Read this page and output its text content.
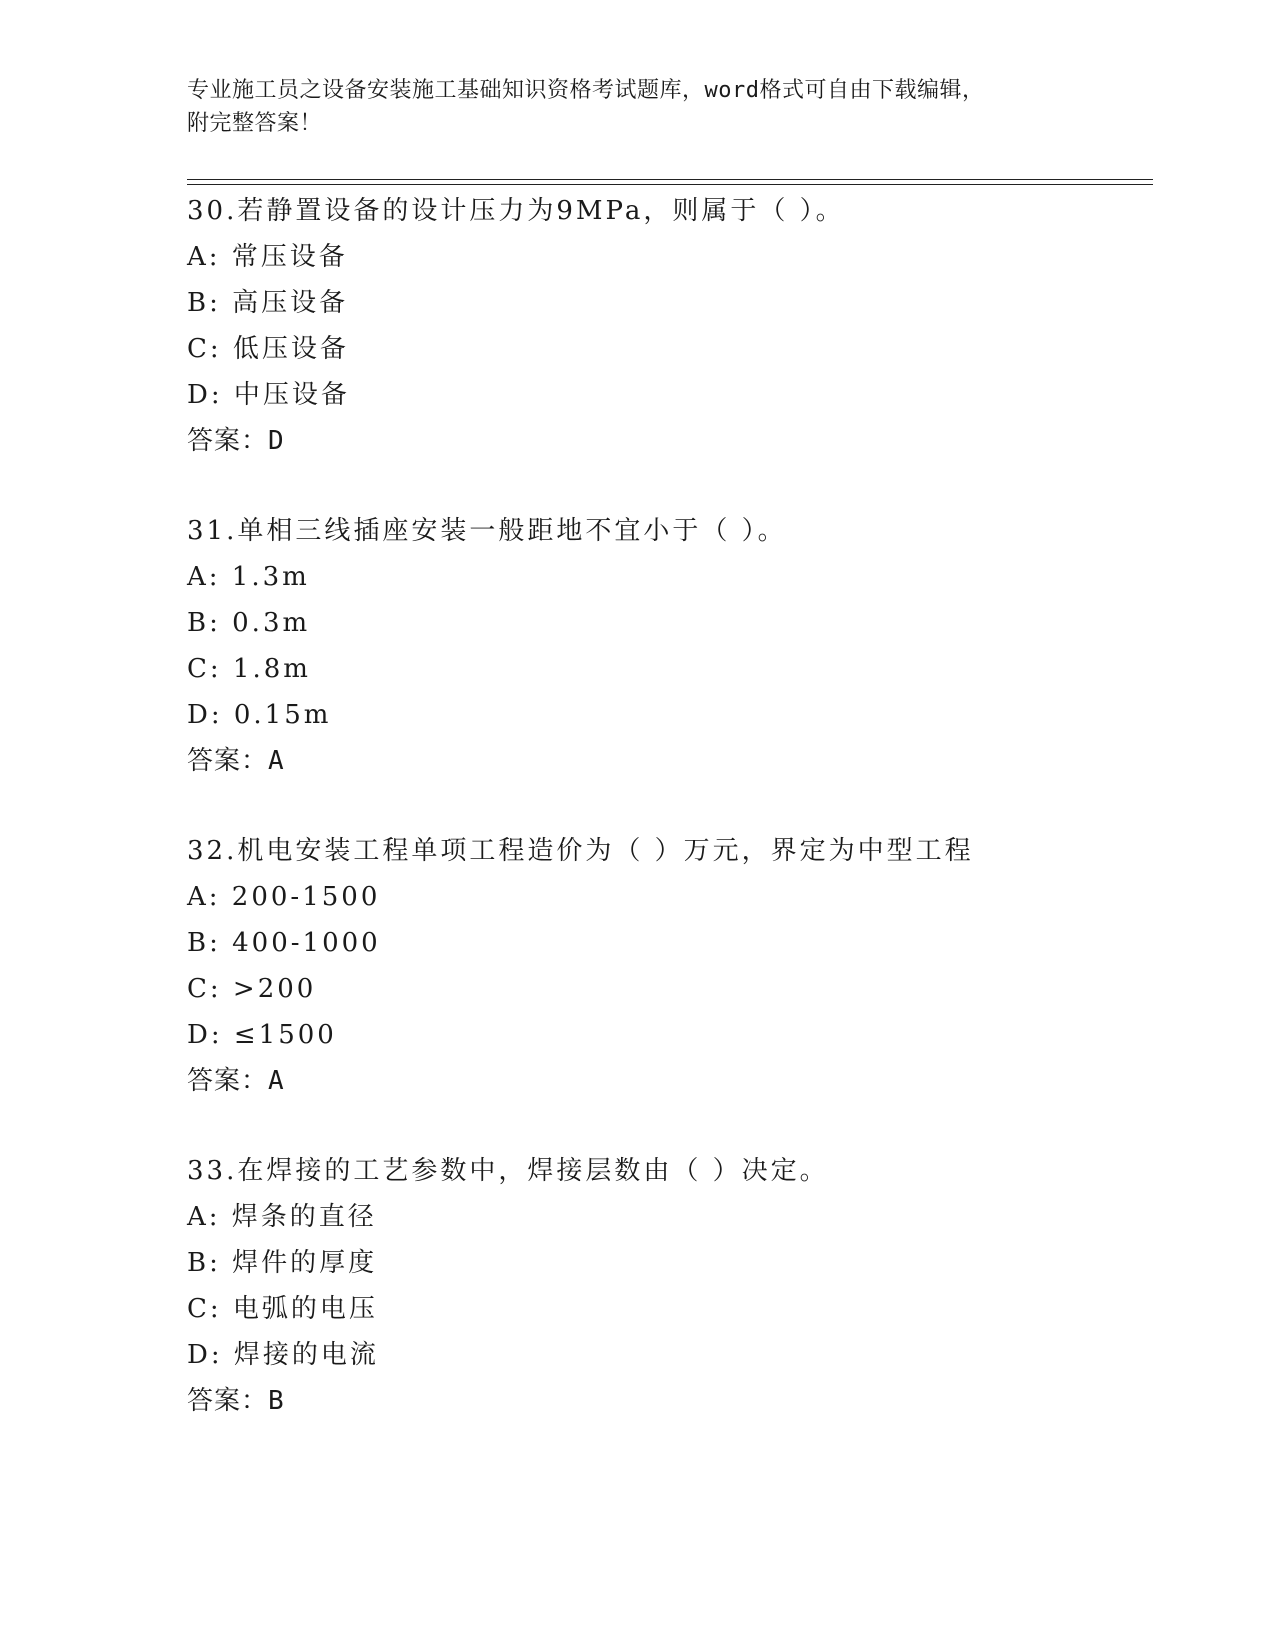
专业施工员之设备安装施工基础知识资格考试题库，word格式可自由下载编辑，
附完整答案！
30.若静置设备的设计压力为9MPa，则属于（ ）。
A: 常压设备
B: 高压设备
C: 低压设备
D: 中压设备
答案：D
31.单相三线插座安装一般距地不宜小于（ ）。
A: 1.3m
B: 0.3m
C: 1.8m
D: 0.15m
答案：A
32.机电安装工程单项工程造价为（ ）万元，界定为中型工程
A: 200-1500
B: 400-1000
C: >200
D: ≤1500
答案：A
33.在焊接的工艺参数中，焊接层数由（ ）决定。
A: 焊条的直径
B: 焊件的厚度
C: 电弧的电压
D: 焊接的电流
答案：B
